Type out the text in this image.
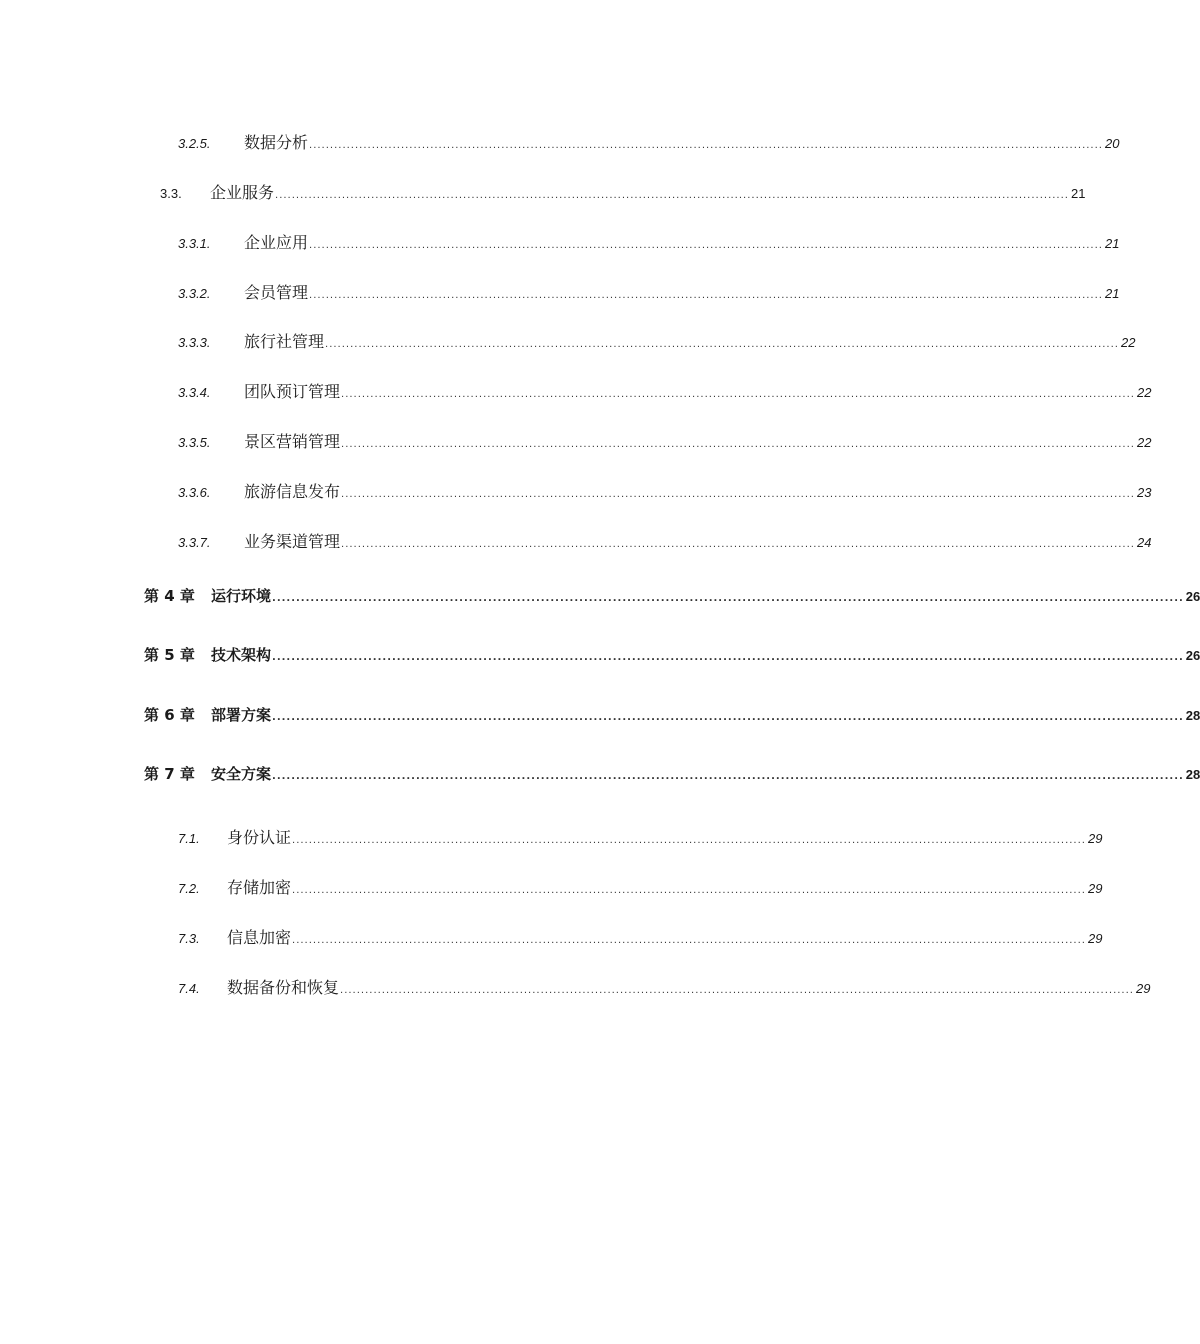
3.2.5.	数据分析 .............................................................................................................................................................................................. 20
3.3.	企业服务 .............................................................................................................................................................................................. 21
3.3.1.	企业应用 .............................................................................................................................................................................................. 21
3.3.2.	会员管理 .............................................................................................................................................................................................. 21
3.3.3.	旅行社管理 .............................................................................................................................................................................................. 22
3.3.4.	团队预订管理 .............................................................................................................................................................................................. 22
3.3.5.	景区营销管理 .............................................................................................................................................................................................. 22
3.3.6.	旅游信息发布 .............................................................................................................................................................................................. 23
3.3.7.	业务渠道管理 .............................................................................................................................................................................................. 24
第 4 章	运行环境 .............................................................................................................................................................................................. 26
第 5 章	技术架构 .............................................................................................................................................................................................. 26
第 6 章	部署方案 .............................................................................................................................................................................................. 28
第 7 章	安全方案 .............................................................................................................................................................................................. 28
7.1.	身份认证 .............................................................................................................................................................................................. 29
7.2.	存储加密 .............................................................................................................................................................................................. 29
7.3.	信息加密 .............................................................................................................................................................................................. 29
7.4.	数据备份和恢复 .............................................................................................................................................................................................. 29
